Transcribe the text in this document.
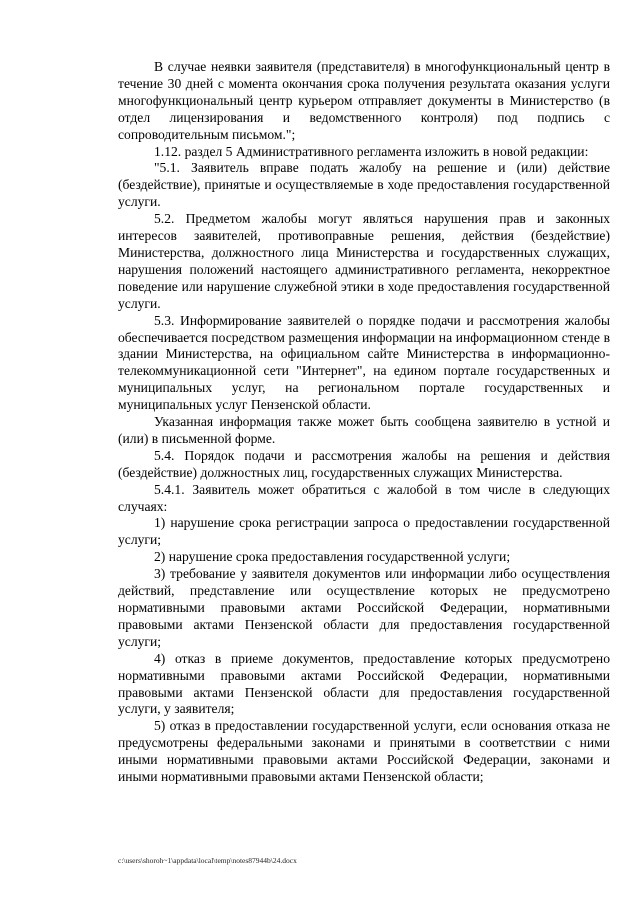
В случае неявки заявителя (представителя) в многофункциональный центр в течение 30 дней с момента окончания срока получения результата оказания услуги многофункциональный центр курьером отправляет документы в Министерство (в отдел лицензирования и ведомственного контроля) под подпись с сопроводительным письмом.";

1.12. раздел 5 Административного регламента изложить в новой редакции:

"5.1. Заявитель вправе подать жалобу на решение и (или) действие (бездействие), принятые и осуществляемые в ходе предоставления государственной услуги.

5.2. Предметом жалобы могут являться нарушения прав и законных интересов заявителей, противоправные решения, действия (бездействие) Министерства, должностного лица Министерства и государственных служащих, нарушения положений настоящего административного регламента, некорректное поведение или нарушение служебной этики в ходе предоставления государственной услуги.

5.3. Информирование заявителей о порядке подачи и рассмотрения жалобы обеспечивается посредством размещения информации на информационном стенде в здании Министерства, на официальном сайте Министерства в информационно-телекоммуникационной сети "Интернет", на едином портале государственных и муниципальных услуг, на региональном портале государственных и муниципальных услуг Пензенской области.

Указанная информация также может быть сообщена заявителю в устной и (или) в письменной форме.

5.4. Порядок подачи и рассмотрения жалобы на решения и действия (бездействие) должностных лиц, государственных служащих Министерства.

5.4.1. Заявитель может обратиться с жалобой в том числе в следующих случаях:

1) нарушение срока регистрации запроса о предоставлении государственной услуги;

2) нарушение срока предоставления государственной услуги;

3) требование у заявителя документов или информации либо осуществления действий, представление или осуществление которых не предусмотрено нормативными правовыми актами Российской Федерации, нормативными правовыми актами Пензенской области для предоставления государственной услуги;

4) отказ в приеме документов, предоставление которых предусмотрено нормативными правовыми актами Российской Федерации, нормативными правовыми актами Пензенской области для предоставления государственной услуги, у заявителя;

5) отказ в предоставлении государственной услуги, если основания отказа не предусмотрены федеральными законами и принятыми в соответствии с ними иными нормативными правовыми актами Российской Федерации, законами и иными нормативными правовыми актами Пензенской области;

c:\users\shoroh~1\appdata\local\temp\notes87944b\24.docx
